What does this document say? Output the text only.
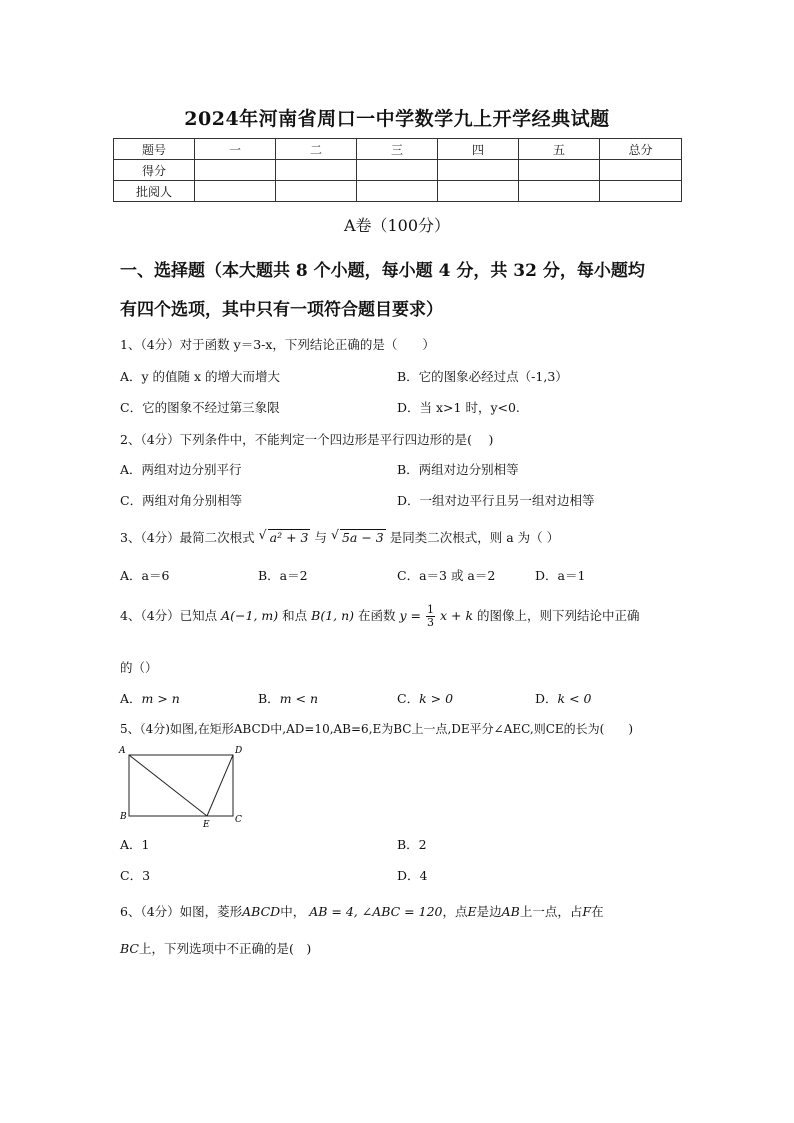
2024年河南省周口一中学数学九上开学经典试题
题号	一	二	三	四	五	总分
得分						
批阅人						
A卷（100分）
一、选择题（本大题共 8 个小题，每小题 4 分，共 32 分，每小题均
有四个选项，其中只有一项符合题目要求）
1、（4分）对于函数 y＝3-x，下列结论正确的是（　　）
A．y 的值随 x 的增大而增大	B．它的图象必经过点（-1,3）
C．它的图象不经过第三象限	D．当 x>1 时，y<0.
2、（4分）下列条件中，不能判定一个四边形是平行四边形的是(　 )
A．两组对边分别平行	B．两组对边分别相等
C．两组对角分别相等	D．一组对边平行且另一组对边相等
3、（4分）最简二次根式 √ a² + 3 与 √ 5a − 3 是同类二次根式，则 a 为（ ）
A．a＝6	B．a＝2	C．a＝3 或 a＝2	D．a＝1
4、（4分）已知点 A(−1, m) 和点 B(1, n) 在函数 $y = \frac{1}{3}$ x + k 的图像上，则下列结论中正确
的（）
A．m > n	B．m < n	C．k > 0	D．k < 0
5、（4分)如图,在矩形ABCD中,AD=10,AB=6,E为BC上一点,DE平分∠AEC,则CE的长为(　　)
A	D
B
E	C
A．1	B．2
C．3	D．4
6、（4分）如图，菱形ABCD中， AB = 4, ∠ABC = 120，点E是边AB上一点，占F在
BC上，下列选项中不正确的是(　)
